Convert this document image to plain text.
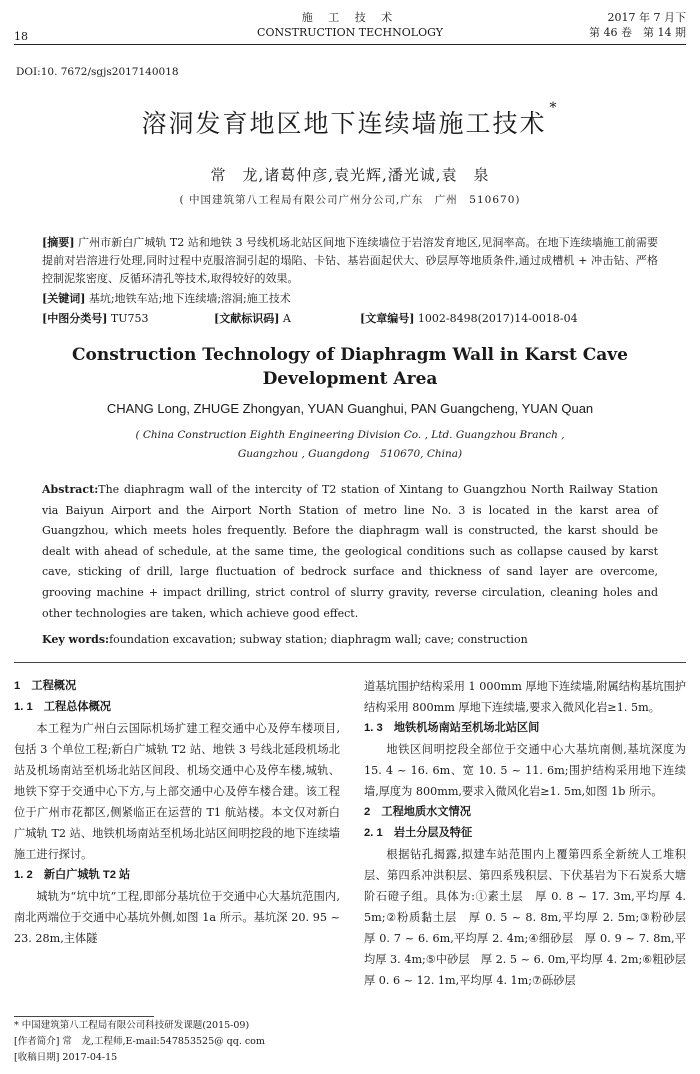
18
施 工 技 术
CONSTRUCTION TECHNOLOGY
2017 年 7 月下
第 46 卷　第 14 期
DOI:10. 7672/sgjs2017140018
溶洞发育地区地下连续墙施工技术*
常　龙,诸葛仲彦,袁光辉,潘光诚,袁　泉
( 中国建筑第八工程局有限公司广州分公司,广东　广州　510670)
[摘要] 广州市新白广城轨 T2 站和地铁 3 号线机场北站区间地下连续墙位于岩溶发育地区,见洞率高。在地下连续墙施工前需要提前对岩溶进行处理,同时过程中克服溶洞引起的塌陷、卡钻、基岩面起伏大、砂层厚等地质条件,通过成槽机 + 冲击钻、严格控制泥浆密度、反循环清孔等技术,取得较好的效果。
[关键词] 基坑;地铁车站;地下连续墙;溶洞;施工技术
[中图分类号] TU753	[文献标识码] A	[文章编号] 1002-8498(2017)14-0018-04
Construction Technology of Diaphragm Wall in Karst Cave Development Area
CHANG Long, ZHUGE Zhongyan, YUAN Guanghui, PAN Guangcheng, YUAN Quan
( China Construction Eighth Engineering Division Co. , Ltd. Guangzhou Branch ,
Guangzhou , Guangdong　510670, China)
Abstract:The diaphragm wall of the intercity of T2 station of Xintang to Guangzhou North Railway Station via Baiyun Airport and the Airport North Station of metro line No. 3 is located in the karst area of Guangzhou, which meets holes frequently. Before the diaphragm wall is constructed, the karst should be dealt with ahead of schedule, at the same time, the geological conditions such as collapse caused by karst cave, sticking of drill, large fluctuation of bedrock surface and thickness of sand layer are overcome, grooving machine + impact drilling, strict control of slurry gravity, reverse circulation, cleaning holes and other technologies are taken, which achieve good effect.
Key words:foundation excavation; subway station; diaphragm wall; cave; construction

1　工程概况

1. 1　工程总体概况

本工程为广州白云国际机场扩建工程交通中心及停车楼项目,包括 3 个单位工程;新白广城轨 T2 站、地铁 3 号线北延段机场北站及机场南站至机场北站区间段、机场交通中心及停车楼,城轨、地铁下穿于交通中心下方,与上部交通中心及停车楼合建。该工程位于广州市花都区,侧紧临正在运营的 T1 航站楼。本文仅对新白广城轨 T2 站、地铁机场南站至机场北站区间明挖段的地下连续墙施工进行探讨。

1. 2　新白广城轨 T2 站

城轨为“坑中坑”工程,即部分基坑位于交通中心大基坑范围内,南北两端位于交通中心基坑外侧,如图 1a 所示。基坑深 20. 95 ~ 23. 28m,主体隧

道基坑围护结构采用 1 000mm 厚地下连续墙,附属结构基坑围护结构采用 800mm 厚地下连续墙,要求入微风化岩≥1. 5m。

1. 3　地铁机场南站至机场北站区间

地铁区间明挖段全部位于交通中心大基坑南侧,基坑深度为 15. 4 ~ 16. 6m、宽 10. 5 ~ 11. 6m;围护结构采用地下连续墙,厚度为 800mm,要求入微风化岩≥1. 5m,如图 1b 所示。

2　工程地质水文情况

2. 1　岩土分层及特征

根据钻孔揭露,拟建车站范围内上覆第四系全新统人工堆积层、第四系冲洪积层、第四系残积层、下伏基岩为下石炭系大塘阶石磴子组。具体为:①素土层　厚 0. 8 ~ 17. 3m,平均厚 4. 5m;②粉质黏土层　厚 0. 5 ~ 8. 8m,平均厚 2. 5m;③粉砂层　厚 0. 7 ~ 6. 6m,平均厚 2. 4m;④细砂层　厚 0. 9 ~ 7. 8m,平均厚 3. 4m;⑤中砂层　厚 2. 5 ~ 6. 0m,平均厚 4. 2m;⑥粗砂层　厚 0. 6 ~ 12. 1m,平均厚 4. 1m;⑦砾砂层

* 中国建筑第八工程局有限公司科技研发课题(2015-09)
[作者简介] 常　龙,工程师,E-mail:547853525@ qq. com
[收稿日期] 2017-04-15
